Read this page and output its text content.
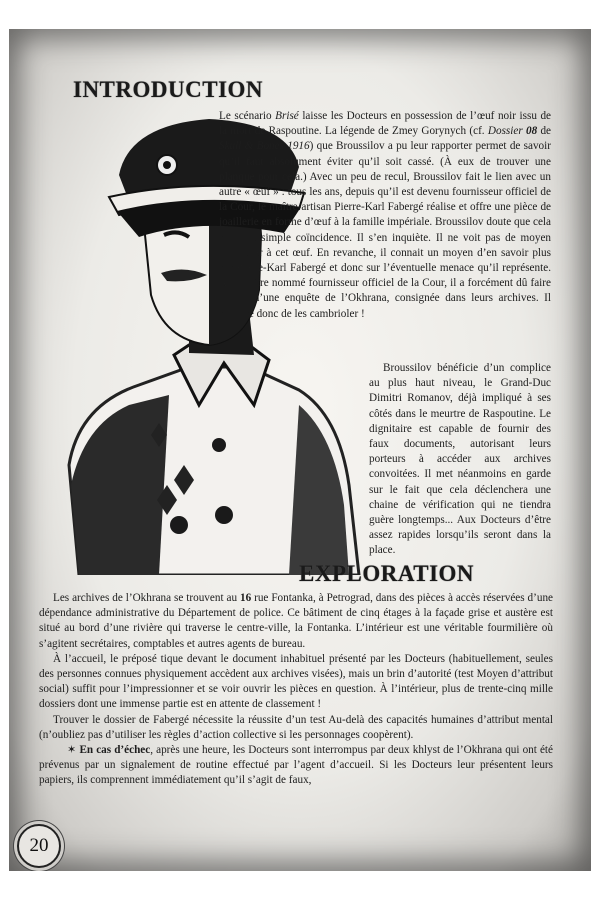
INTRODUCTION

Le scénario Brisé laisse les Docteurs en possession de l’œuf noir issu de la mort de Raspoutine. La légende de Zmey Gorynych (cf. Dossier 08 de Skull & Bones 1916) que Broussilov a pu leur rapporter permet de savoir qu’il faut absolument éviter qu’il soit cassé. (À eux de trouver une planque pour cela.) Avec un peu de recul, Broussilov fait le lien avec un autre « œuf » : tous les ans, depuis qu’il est devenu fournisseur officiel de la Cour, le maître-artisan Pierre-Karl Fabergé réalise et offre une pièce de joaillerie en forme d’œuf à la famille impériale. Broussilov doute que cela soit une simple coïncidence. Il s’en inquiète. Il ne voit pas de moyen d’accéder à cet œuf. En revanche, il connait un moyen d’en savoir plus sur Pierre-Karl Fabergé et donc sur l’éventuelle menace qu’il représente. Afin d’être nommé fournisseur officiel de la Cour, il a forcément dû faire l’objet d’une enquête de l’Okhrana, consignée dans leurs archives. Il suggère donc de les cambrioler !

Broussilov bénéficie d’un complice au plus haut niveau, le Grand-Duc Dimitri Romanov, déjà impliqué à ses côtés dans le meurtre de Raspoutine. Le dignitaire est capable de fournir des faux documents, autorisant leurs porteurs à accéder aux archives convoitées. Il met néanmoins en garde sur le fait que cela déclenchera une chaine de vérification qui ne tiendra guère longtemps... Aux Docteurs d’être assez rapides lorsqu’ils seront dans la place.

EXPLORATION

Les archives de l’Okhrana se trouvent au 16 rue Fontanka, à Petrograd, dans des pièces à accès réservées d’une dépendance administrative du Département de police. Ce bâtiment de cinq étages à la façade grise et austère est situé au bord d’une rivière qui traverse le centre-ville, la Fontanka. L’intérieur est une véritable fourmilière où s’agitent secrétaires, comptables et autres agents de bureau.

À l’accueil, le préposé tique devant le document inhabituel présenté par les Docteurs (habituellement, seules des personnes connues physiquement accèdent aux archives visées), mais un brin d’autorité (test Moyen d’attribut social) suffit pour l’impressionner et se voir ouvrir les pièces en question. À l’intérieur, plus de trente-cinq mille dossiers dont une immense partie est en attente de classement !

Trouver le dossier de Fabergé nécessite la réussite d’un test Au-delà des capacités humaines d’attribut mental (n’oubliez pas d’utiliser les règles d’action collective si les personnages coopèrent).

✶ En cas d’échec, après une heure, les Docteurs sont interrompus par deux khlyst de l’Okhrana qui ont été prévenus par un signalement de routine effectué par l’agent d’accueil. Si les Docteurs leur présentent leurs papiers, ils comprennent immédiatement qu’il s’agit de faux,

20
